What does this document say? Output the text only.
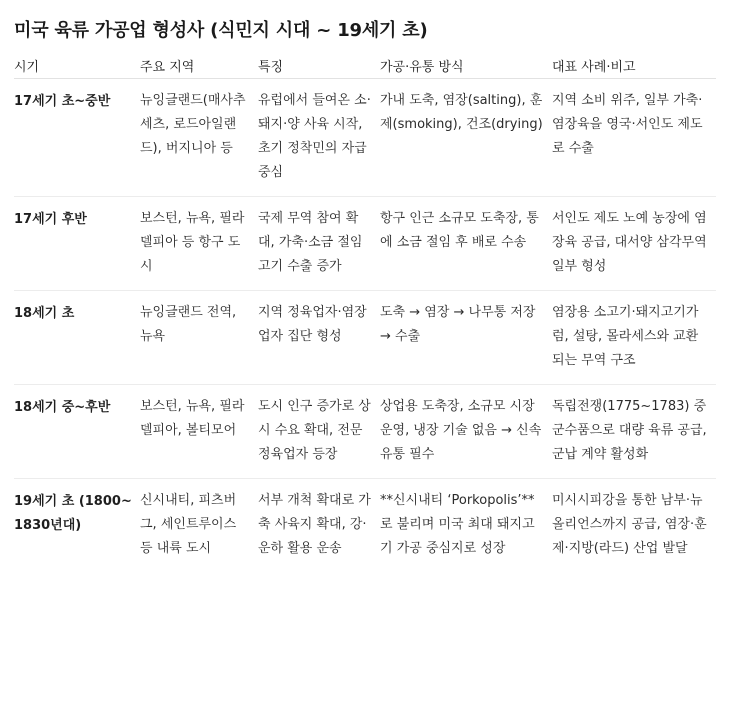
미국 육류 가공업 형성사 (식민지 시대 ~ 19세기 초)
시기	주요 지역	특징	가공·유통 방식	대표 사례·비고
17세기 초~중반	뉴잉글랜드(매사추세츠, 로드아일랜드), 버지니아 등	유럽에서 들여온 소·돼지·양 사육 시작, 초기 정착민의 자급 중심	가내 도축, 염장(salting), 훈제(smoking), 건조(drying)	지역 소비 위주, 일부 가축·염장육을 영국·서인도 제도로 수출
17세기 후반	보스턴, 뉴욕, 필라델피아 등 항구 도시	국제 무역 참여 확대, 가축·소금 절임 고기 수출 증가	항구 인근 소규모 도축장, 통에 소금 절임 후 배로 수송	서인도 제도 노예 농장에 염장육 공급, 대서양 삼각무역 일부 형성
18세기 초	뉴잉글랜드 전역, 뉴욕	지역 정육업자·염장업자 집단 형성	도축 → 염장 → 나무통 저장 → 수출	염장용 소고기·돼지고기가 럼, 설탕, 몰라세스와 교환되는 무역 구조
18세기 중~후반	보스턴, 뉴욕, 필라델피아, 볼티모어	도시 인구 증가로 상시 수요 확대, 전문 정육업자 등장	상업용 도축장, 소규모 시장 운영, 냉장 기술 없음 → 신속 유통 필수	독립전쟁(1775~1783) 중 군수품으로 대량 육류 공급, 군납 계약 활성화
19세기 초 (1800~1830년대)	신시내티, 피츠버그, 세인트루이스 등 내륙 도시	서부 개척 확대로 가축 사육지 확대, 강·운하 활용 운송	**신시내티 ‘Porkopolis’**로 불리며 미국 최대 돼지고기 가공 중심지로 성장	미시시피강을 통한 남부·뉴올리언스까지 공급, 염장·훈제·지방(라드) 산업 발달
